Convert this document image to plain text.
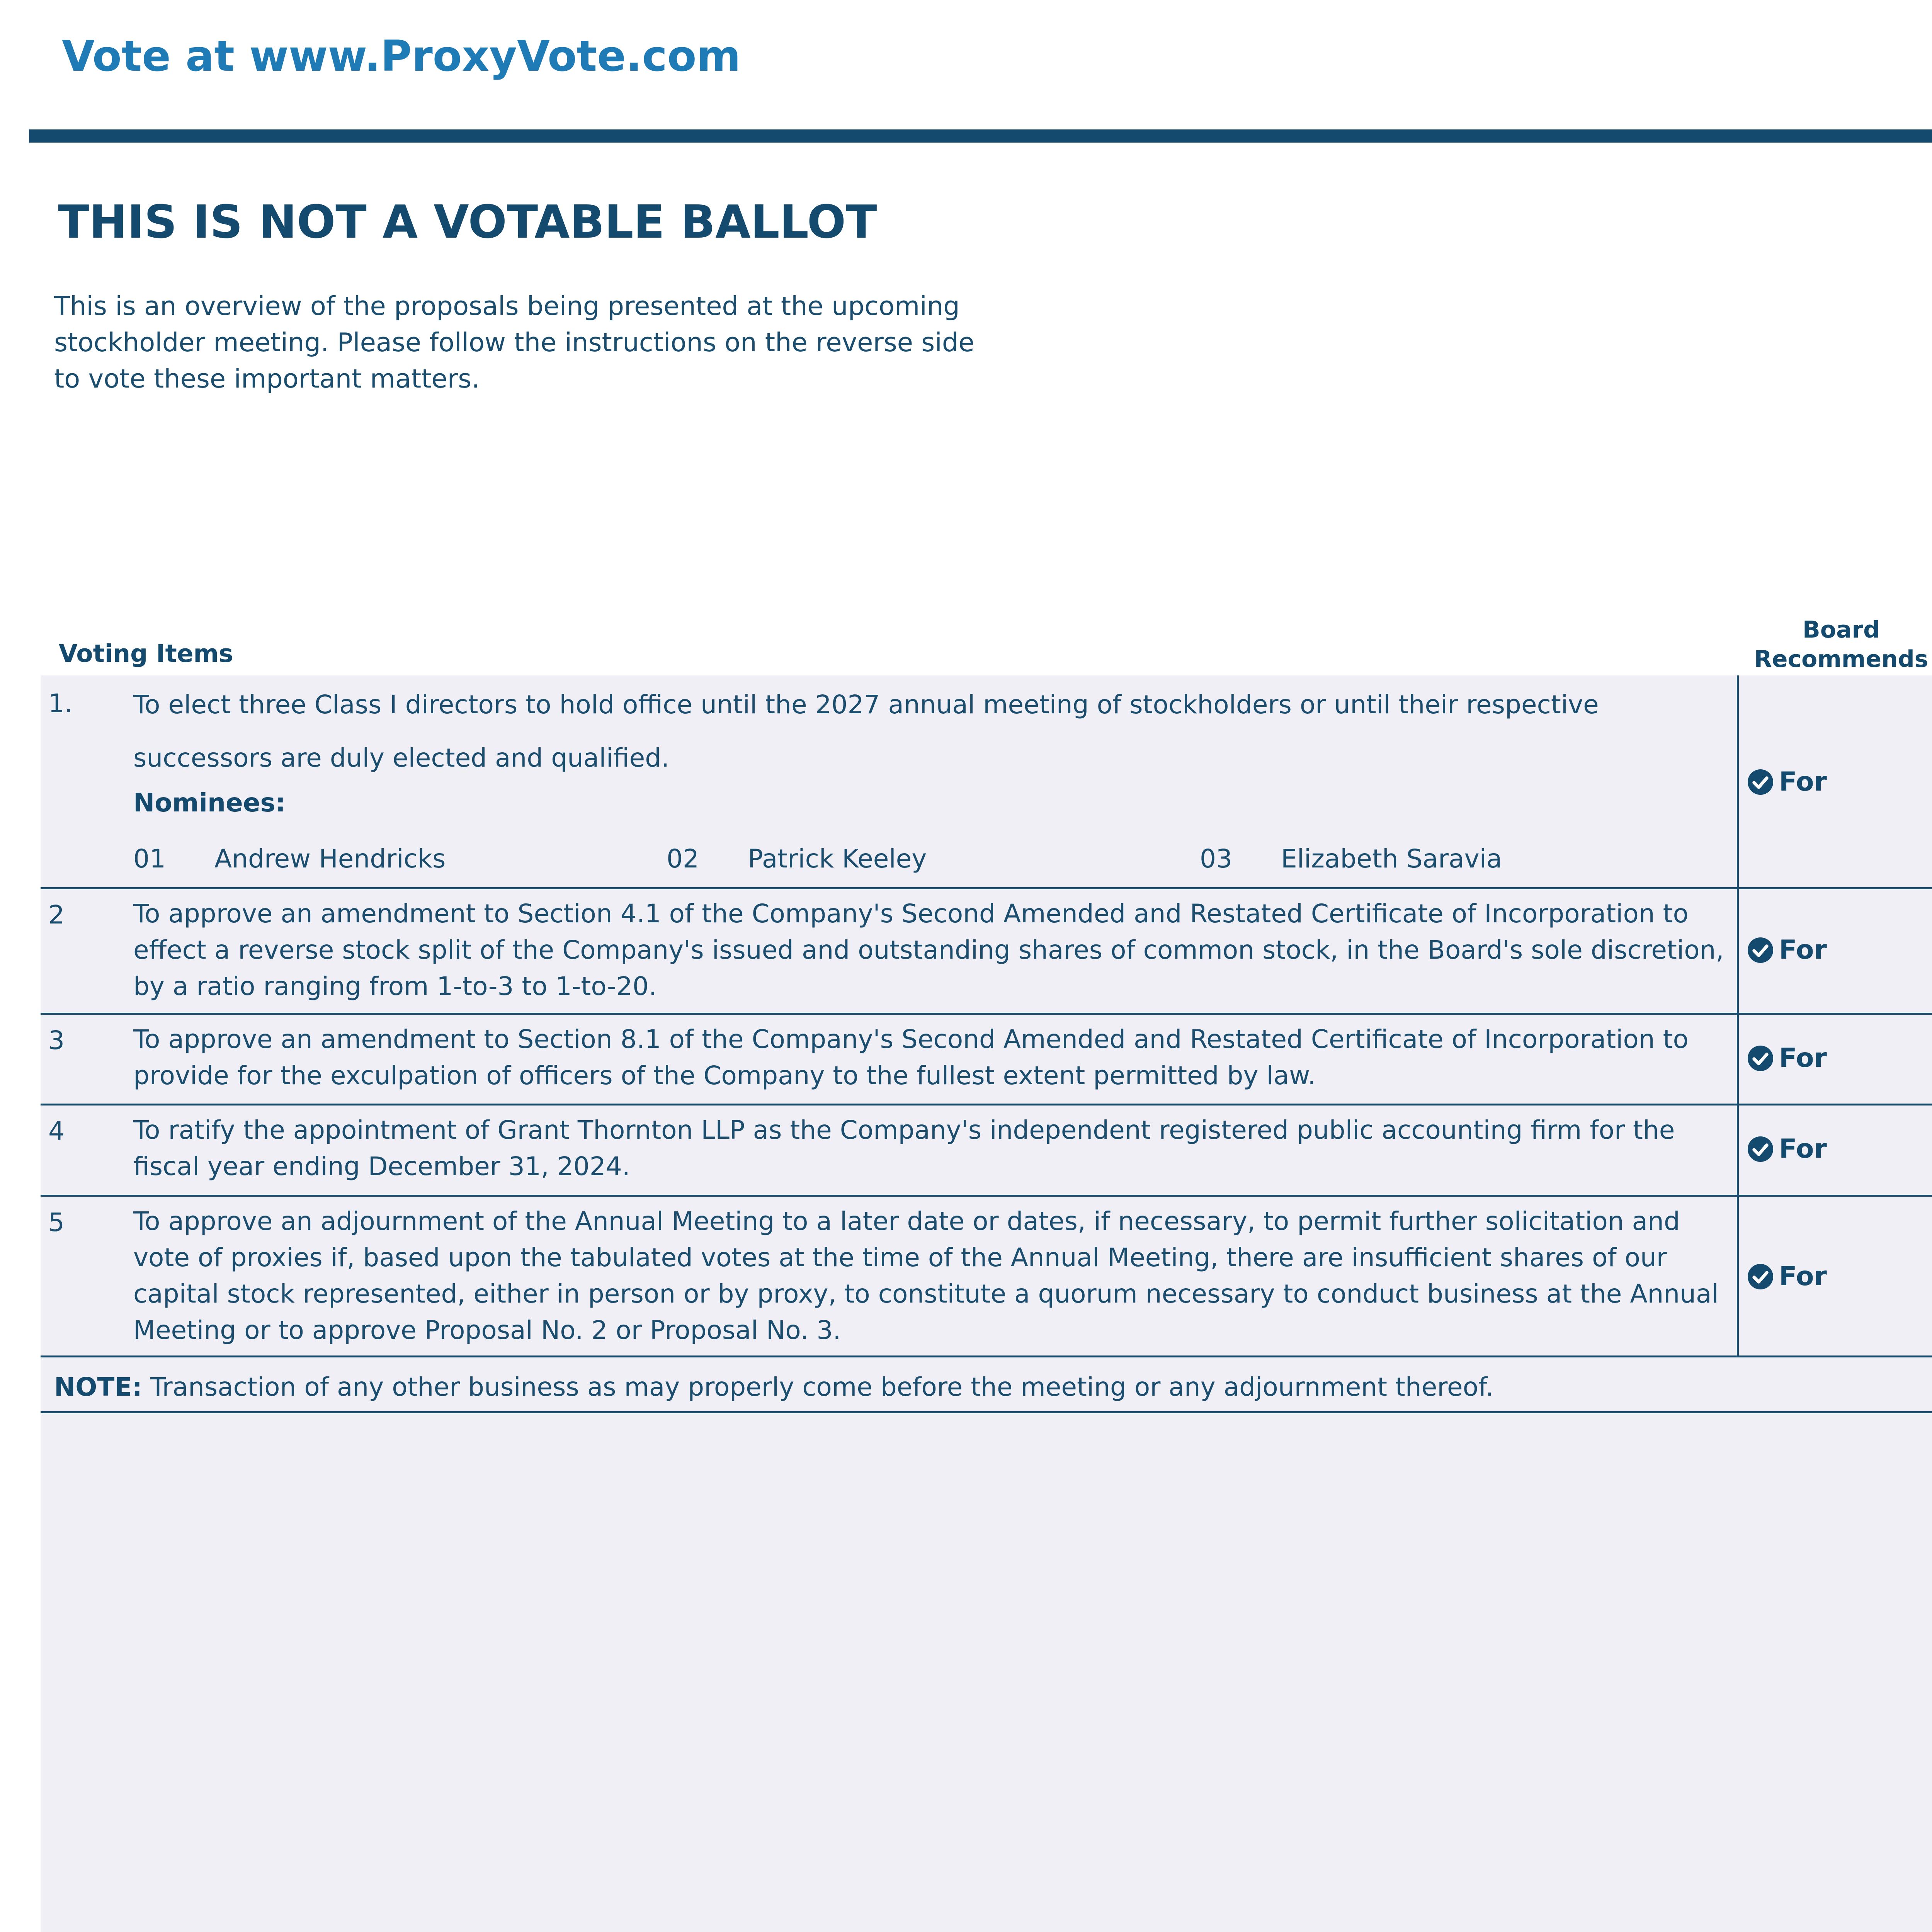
Vote at www.ProxyVote.com
THIS IS NOT A VOTABLE BALLOT
This is an overview of the proposals being presented at the upcoming stockholder meeting. Please follow the instructions on the reverse side to vote these important matters.
Voting Items
Board
Recommends
1. To elect three Class I directors to hold office until the 2027 annual meeting of stockholders or until their respective successors are duly elected and qualified.
Nominees:
01 Andrew Hendricks	02 Patrick Keeley	03 Elizabeth Saravia
For
2	To approve an amendment to Section 4.1 of the Company's Second Amended and Restated Certificate of Incorporation to effect a reverse stock split of the Company's issued and outstanding shares of common stock, in the Board's sole discretion, by a ratio ranging from 1-to-3 to 1-to-20.
For
3	To approve an amendment to Section 8.1 of the Company's Second Amended and Restated Certificate of Incorporation to provide for the exculpation of officers of the Company to the fullest extent permitted by law.
For
4	To ratify the appointment of Grant Thornton LLP as the Company's independent registered public accounting firm for the fiscal year ending December 31, 2024.
For
5	To approve an adjournment of the Annual Meeting to a later date or dates, if necessary, to permit further solicitation and vote of proxies if, based upon the tabulated votes at the time of the Annual Meeting, there are insufficient shares of our capital stock represented, either in person or by proxy, to constitute a quorum necessary to conduct business at the Annual Meeting or to approve Proposal No. 2 or Proposal No. 3.
For
NOTE: Transaction of any other business as may properly come before the meeting or any adjournment thereof.
